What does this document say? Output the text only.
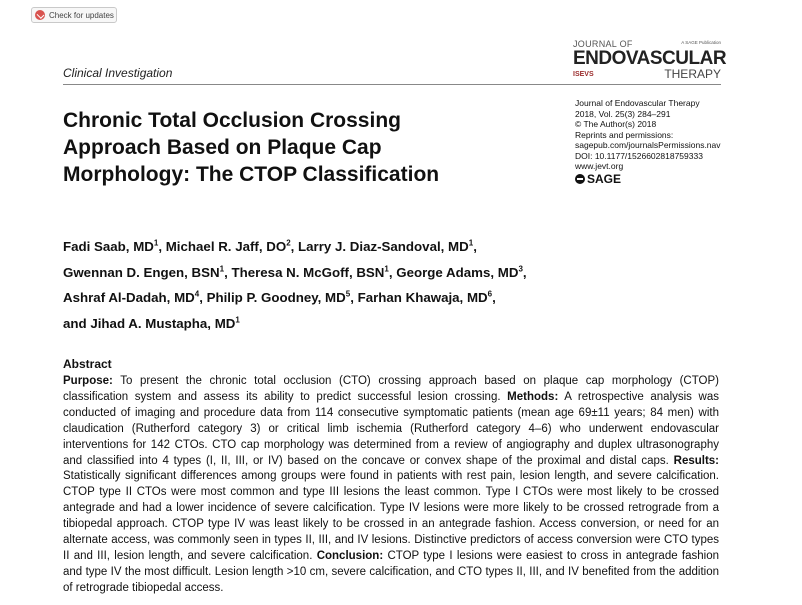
Check for updates
Clinical Investigation
A SAGE Publication
JOURNAL OF
ENDOVASCULAR
ISEVS	THERAPY
Chronic Total Occlusion Crossing
Approach Based on Plaque Cap
Morphology: The CTOP Classification
Journal of Endovascular Therapy
2018, Vol. 25(3) 284–291
© The Author(s) 2018
Reprints and permissions:
sagepub.com/journalsPermissions.nav
DOI: 10.1177/1526602818759333
www.jevt.org
SAGE
Fadi Saab, $MD^1$, Michael R. Jaff, $DO^2$, Larry J. Diaz-Sandoval, $MD^1$,
Gwennan D. Engen, BSN$^1$, Theresa N. McGoff, BSN$^1$, George Adams, $MD^3$,
Ashraf Al-Dadah, $MD^4$, Philip P. Goodney, $MD^5$, Farhan Khawaja, $MD^6$,
and Jihad A. Mustapha, $MD^1$
Abstract
Purpose: To present the chronic total occlusion (CTO) crossing approach based on plaque cap morphology (CTOP) classification system and assess its ability to predict successful lesion crossing. Methods: A retrospective analysis was conducted of imaging and procedure data from 114 consecutive symptomatic patients (mean age 69±11 years; 84 men) with claudication (Rutherford category 3) or critical limb ischemia (Rutherford category 4–6) who underwent endovascular interventions for 142 CTOs. CTO cap morphology was determined from a review of angiography and duplex ultrasonography and classified into 4 types (I, II, III, or IV) based on the concave or convex shape of the proximal and distal caps. Results: Statistically significant differences among groups were found in patients with rest pain, lesion length, and severe calcification. CTOP type II CTOs were most common and type III lesions the least common. Type I CTOs were most likely to be crossed antegrade and had a lower incidence of severe calcification. Type IV lesions were more likely to be crossed retrograde from a tibiopedal approach. CTOP type IV was least likely to be crossed in an antegrade fashion. Access conversion, or need for an alternate access, was commonly seen in types II, III, and IV lesions. Distinctive predictors of access conversion were CTO types II and III, lesion length, and severe calcification. Conclusion: CTOP type I lesions were easiest to cross in antegrade fashion and type IV the most difficult. Lesion length >10 cm, severe calcification, and CTO types II, III, and IV benefited from the addition of retrograde tibiopedal access.
